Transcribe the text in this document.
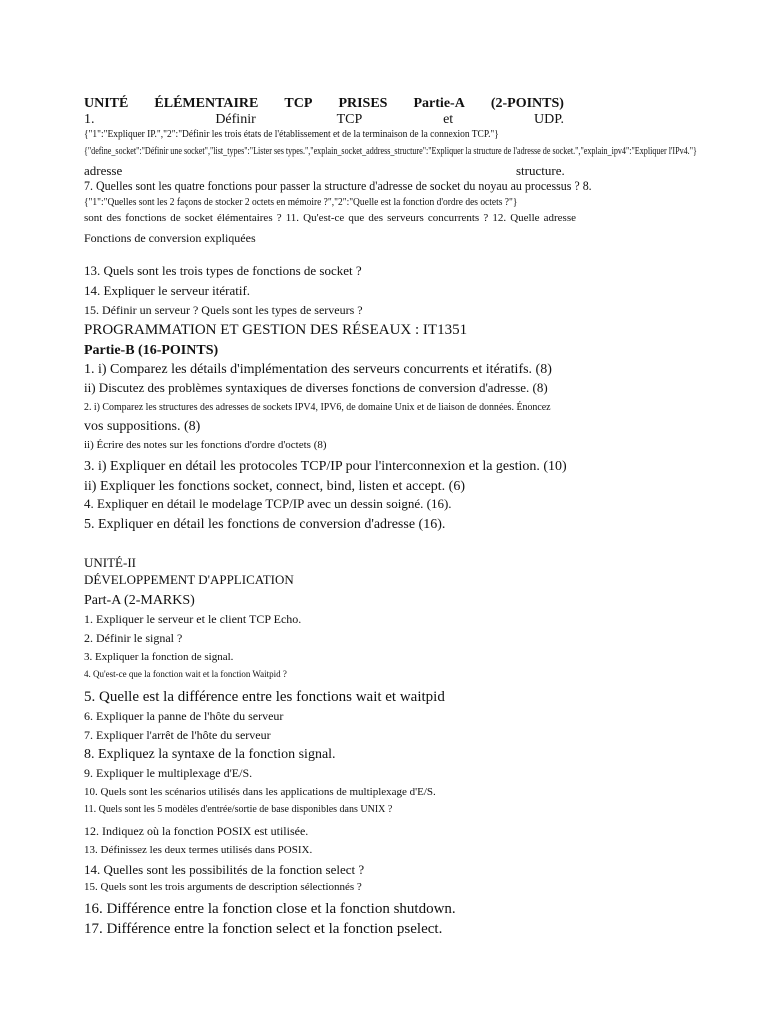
UNITÉ ÉLÉMENTAIRE TCP PRISES Partie-A (2-POINTS)
1.	Définir	TCP	et	UDP.
{"1":"Expliquer IP.","2":"Définir les trois états de l'établissement et de la terminaison de la connexion TCP."}
{"define_socket":"Définir une socket","list_types":"Lister ses types.","explain_socket_address_structure":"Expliquer la structure de l'adresse de socket.","explain_ipv4":"Expliquer l'IPv4."}
adresse	structure.
7. Quelles sont les quatre fonctions pour passer la structure d'adresse de socket du noyau au processus ? 8.
{"1":"Quelles sont les 2 façons de stocker 2 octets en mémoire ?","2":"Quelle est la fonction d'ordre des octets ?"}
sont des fonctions de socket élémentaires ? 11. Qu'est-ce que des serveurs concurrents ? 12. Quelle adresse
Fonctions de conversion expliquées
13. Quels sont les trois types de fonctions de socket ?
14. Expliquer le serveur itératif.
15. Définir un serveur ? Quels sont les types de serveurs ?
PROGRAMMATION ET GESTION DES RÉSEAUX : IT1351
Partie-B (16-POINTS)
1. i) Comparez les détails d'implémentation des serveurs concurrents et itératifs. (8)
ii) Discutez des problèmes syntaxiques de diverses fonctions de conversion d'adresse. (8)
2. i) Comparez les structures des adresses de sockets IPV4, IPV6, de domaine Unix et de liaison de données. Énoncez
vos suppositions. (8)
ii) Écrire des notes sur les fonctions d'ordre d'octets (8)
3. i) Expliquer en détail les protocoles TCP/IP pour l'interconnexion et la gestion. (10)
ii) Expliquer les fonctions socket, connect, bind, listen et accept. (6)
4. Expliquer en détail le modelage TCP/IP avec un dessin soigné. (16).
5. Expliquer en détail les fonctions de conversion d'adresse (16).
UNITÉ-II
DÉVELOPPEMENT D'APPLICATION
Part-A (2-MARKS)
1. Expliquer le serveur et le client TCP Echo.
2. Définir le signal ?
3. Expliquer la fonction de signal.
4. Qu'est-ce que la fonction wait et la fonction Waitpid ?
5. Quelle est la différence entre les fonctions wait et waitpid
6. Expliquer la panne de l'hôte du serveur
7. Expliquer l'arrêt de l'hôte du serveur
8. Expliquez la syntaxe de la fonction signal.
9. Expliquer le multiplexage d'E/S.
10. Quels sont les scénarios utilisés dans les applications de multiplexage d'E/S.
11. Quels sont les 5 modèles d'entrée/sortie de base disponibles dans UNIX ?
12. Indiquez où la fonction POSIX est utilisée.
13. Définissez les deux termes utilisés dans POSIX.
14. Quelles sont les possibilités de la fonction select ?
15. Quels sont les trois arguments de description sélectionnés ?
16. Différence entre la fonction close et la fonction shutdown.
17. Différence entre la fonction select et la fonction pselect.
